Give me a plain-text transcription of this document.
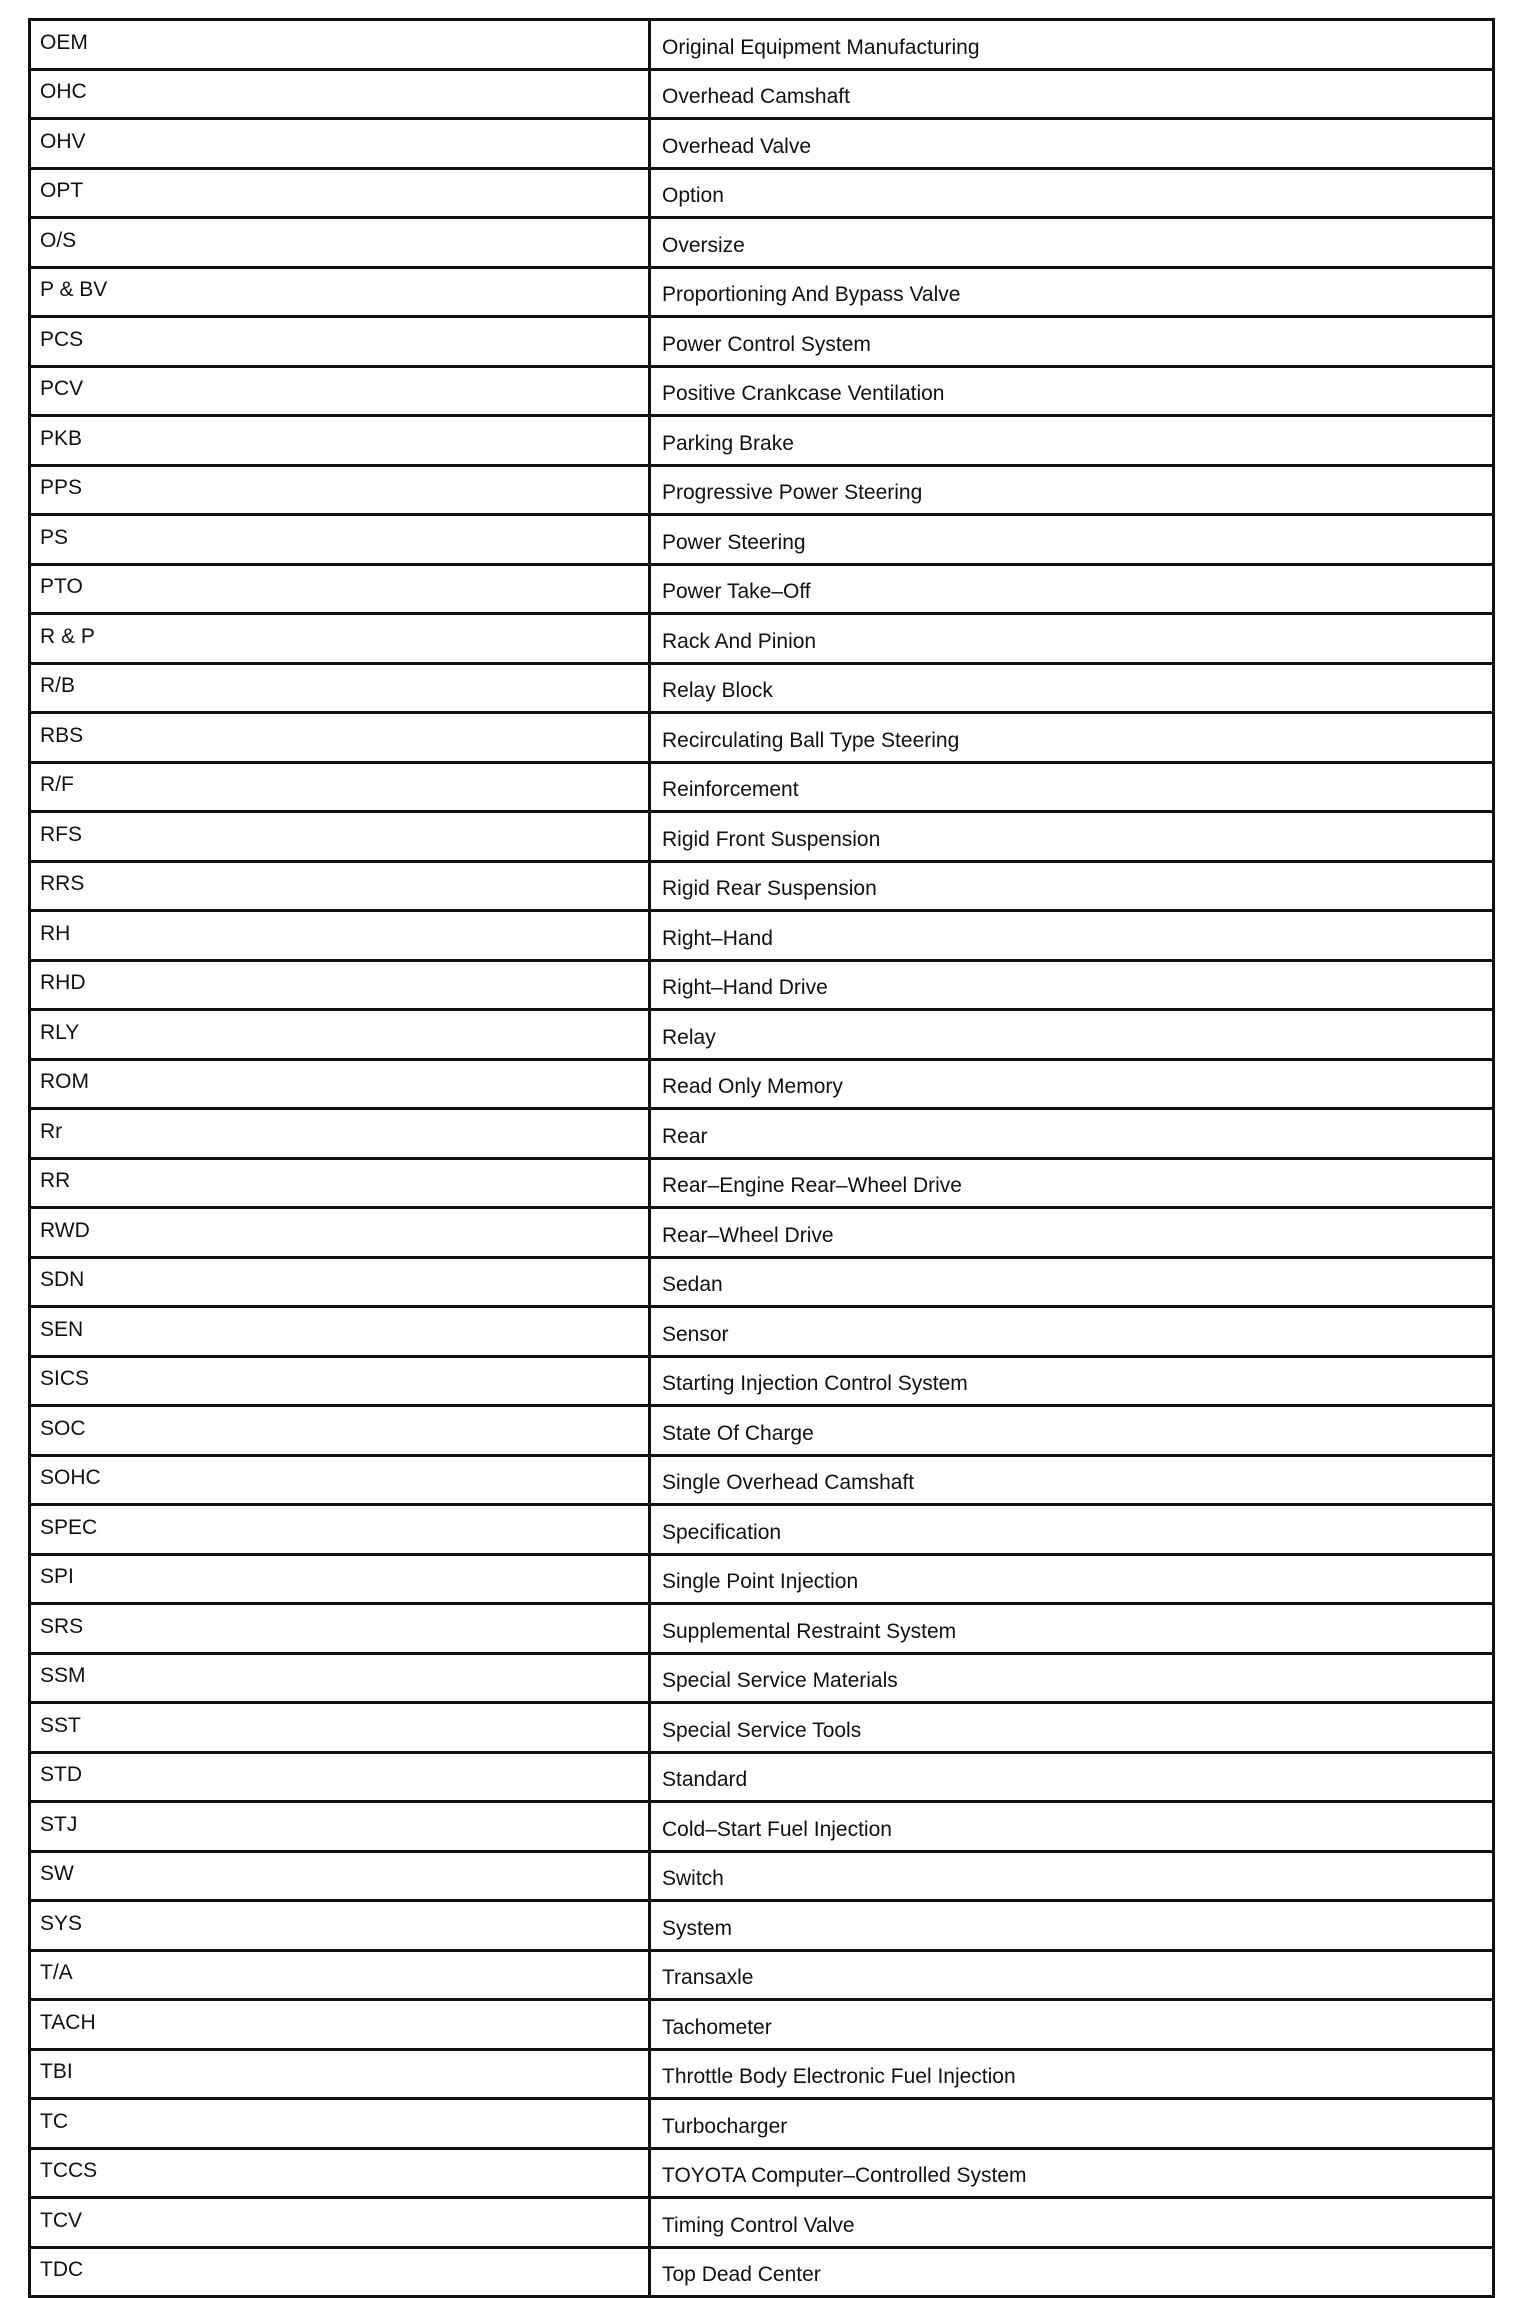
OEM	Original Equipment Manufacturing
OHC	Overhead Camshaft
OHV	Overhead Valve
OPT	Option
O/S	Oversize
P & BV	Proportioning And Bypass Valve
PCS	Power Control System
PCV	Positive Crankcase Ventilation
PKB	Parking Brake
PPS	Progressive Power Steering
PS	Power Steering
PTO	Power Take–Off
R & P	Rack And Pinion
R/B	Relay Block
RBS	Recirculating Ball Type Steering
R/F	Reinforcement
RFS	Rigid Front Suspension
RRS	Rigid Rear Suspension
RH	Right–Hand
RHD	Right–Hand Drive
RLY	Relay
ROM	Read Only Memory
Rr	Rear
RR	Rear–Engine Rear–Wheel Drive
RWD	Rear–Wheel Drive
SDN	Sedan
SEN	Sensor
SICS	Starting Injection Control System
SOC	State Of Charge
SOHC	Single Overhead Camshaft
SPEC	Specification
SPI	Single Point Injection
SRS	Supplemental Restraint System
SSM	Special Service Materials
SST	Special Service Tools
STD	Standard
STJ	Cold–Start Fuel Injection
SW	Switch
SYS	System
T/A	Transaxle
TACH	Tachometer
TBI	Throttle Body Electronic Fuel Injection
TC	Turbocharger
TCCS	TOYOTA Computer–Controlled System
TCV	Timing Control Valve
TDC	Top Dead Center
